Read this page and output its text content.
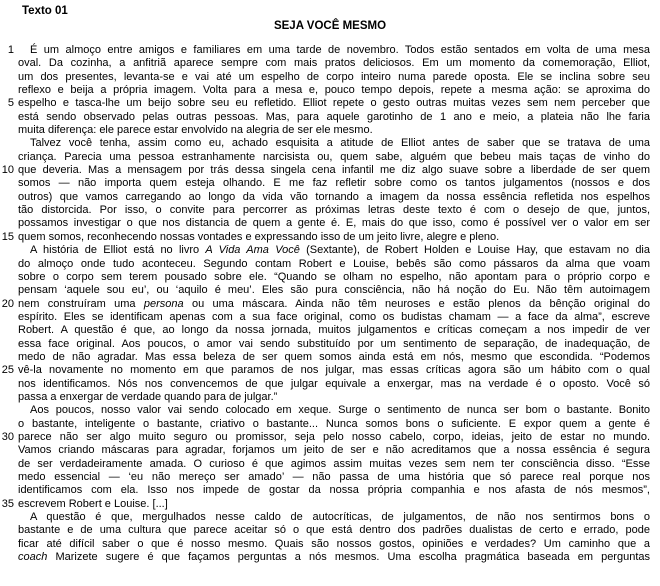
Texto 01
SEJA VOCÊ MESMO
1	É um almoço entre amigos e familiares em uma tarde de novembro. Todos estão sentados em volta de uma mesa
oval. Da cozinha, a anfitriã aparece sempre com mais pratos deliciosos. Em um momento da comemoração, Elliot,
um dos presentes, levanta-se e vai até um espelho de corpo inteiro numa parede oposta. Ele se inclina sobre seu
reflexo e beija a própria imagem. Volta para a mesa e, pouco tempo depois, repete a mesma ação: se aproxima do
5 espelho e tasca-lhe um beijo sobre seu eu refletido. Elliot repete o gesto outras muitas vezes sem nem perceber que
está sendo observado pelas outras pessoas. Mas, para aquele garotinho de 1 ano e meio, a plateia não lhe faria
muita diferença: ele parece estar envolvido na alegria de ser ele mesmo.
Talvez você tenha, assim como eu, achado esquisita a atitude de Elliot antes de saber que se tratava de uma
criança. Parecia uma pessoa estranhamente narcisista ou, quem sabe, alguém que bebeu mais taças de vinho do
10 que deveria. Mas a mensagem por trás dessa singela cena infantil me diz algo suave sobre a liberdade de ser quem
somos — não importa quem esteja olhando. E me faz refletir sobre como os tantos julgamentos (nossos e dos
outros) que vamos carregando ao longo da vida vão tornando a imagem da nossa essência refletida nos espelhos
tão distorcida. Por isso, o convite para percorrer as próximas letras deste texto é com o desejo de que, juntos,
possamos investigar o que nos distancia de quem a gente é. E, mais do que isso, como é possível ver o valor em ser
15 quem somos, reconhecendo nossas vontades e expressando isso de um jeito livre, alegre e pleno.
A história de Elliot está no livro A Vida Ama Você (Sextante), de Robert Holden e Louise Hay, que estavam no dia
do almoço onde tudo aconteceu. Segundo contam Robert e Louise, bebês são como pássaros da alma que voam
sobre o corpo sem terem pousado sobre ele. “Quando se olham no espelho, não apontam para o próprio corpo e
pensam ‘aquele sou eu’, ou ‘aquilo é meu’. Eles são pura consciência, não há noção do Eu. Não têm autoimagem
20 nem construíram uma persona ou uma máscara. Ainda não têm neuroses e estão plenos da bênção original do
espírito. Eles se identificam apenas com a sua face original, como os budistas chamam — a face da alma”, escreve
Robert. A questão é que, ao longo da nossa jornada, muitos julgamentos e críticas começam a nos impedir de ver
essa face original. Aos poucos, o amor vai sendo substituído por um sentimento de separação, de inadequação, de
medo de não agradar. Mas essa beleza de ser quem somos ainda está em nós, mesmo que escondida. “Podemos
25 vê-la novamente no momento em que paramos de nos julgar, mas essas críticas agora são um hábito com o qual
nos identificamos. Nós nos convencemos de que julgar equivale a enxergar, mas na verdade é o oposto. Você só
passa a enxergar de verdade quando para de julgar.”
Aos poucos, nosso valor vai sendo colocado em xeque. Surge o sentimento de nunca ser bom o bastante. Bonito
o bastante, inteligente o bastante, criativo o bastante... Nunca somos bons o suficiente. E expor quem a gente é
30 parece não ser algo muito seguro ou promissor, seja pelo nosso cabelo, corpo, ideias, jeito de estar no mundo.
Vamos criando máscaras para agradar, forjamos um jeito de ser e não acreditamos que a nossa essência é segura
de ser verdadeiramente amada. O curioso é que agimos assim muitas vezes sem nem ter consciência disso. “Esse
medo essencial — ‘eu não mereço ser amado’ — não passa de uma história que só parece real porque nos
identificamos com ela. Isso nos impede de gostar da nossa própria companhia e nos afasta de nós mesmos”,
35 escrevem Robert e Louise. [...]
A questão é que, mergulhados nesse caldo de autocríticas, de julgamentos, de não nos sentirmos bons o
bastante e de uma cultura que parece aceitar só o que está dentro dos padrões dualistas de certo e errado, pode
ficar até difícil saber o que é nosso mesmo. Quais são nossos gostos, opiniões e verdades? Um caminho que a
coach Marizete sugere é que façamos perguntas a nós mesmos. Uma escolha pragmática baseada em perguntas
